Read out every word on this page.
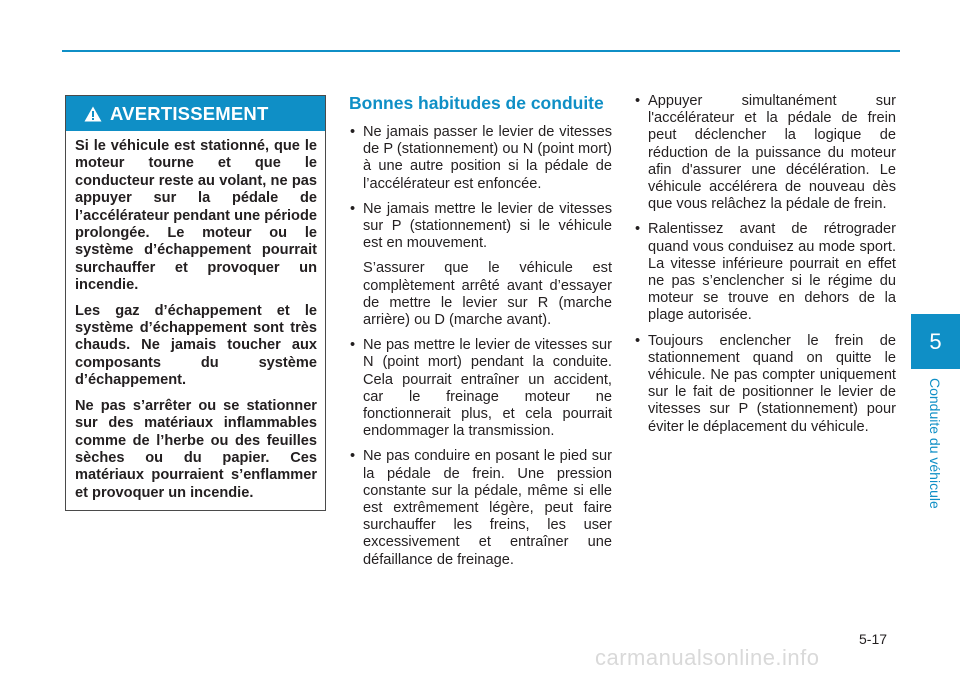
AVERTISSEMENT

Si le véhicule est stationné, que le moteur tourne et que le conducteur reste au volant, ne pas appuyer sur la pédale de l’accélérateur pendant une période prolongée. Le moteur ou le système d’échappement pourrait surchauffer et provoquer un incendie.

Les gaz d’échappement et le système d’échappement sont très chauds. Ne jamais toucher aux composants du système d’échappement.

Ne pas s’arrêter ou se stationner sur des matériaux inflammables comme de l’herbe ou des feuilles sèches ou du papier. Ces matériaux pourraient s’enflammer et provoquer un incendie.

Bonnes habitudes de conduite

• Ne jamais passer le levier de vitesses de P (stationnement) ou N (point mort) à une autre position si la pédale de l’accélérateur est enfoncée.

• Ne jamais mettre le levier de vitesses sur P (stationnement) si le véhicule est en mouvement.

S’assurer que le véhicule est complètement arrêté avant d’essayer de mettre le levier sur R (marche arrière) ou D (marche avant).

• Ne pas mettre le levier de vitesses sur N (point mort) pendant la conduite. Cela pourrait entraîner un accident, car le freinage moteur ne fonctionnerait plus, et cela pourrait endommager la transmission.

• Ne pas conduire en posant le pied sur la pédale de frein. Une pression constante sur la pédale, même si elle est extrêmement légère, peut faire surchauffer les freins, les user excessivement et entraîner une défaillance de freinage.

• Appuyer simultanément sur l'accélérateur et la pédale de frein peut déclencher la logique de réduction de la puissance du moteur afin d'assurer une décélération. Le véhicule accélérera de nouveau dès que vous relâchez la pédale de frein.

• Ralentissez avant de rétrograder quand vous conduisez au mode sport. La vitesse inférieure pourrait en effet ne pas s’enclencher si le régime du moteur se trouve en dehors de la plage autorisée.

• Toujours enclencher le frein de stationnement quand on quitte le véhicule. Ne pas compter uniquement sur le fait de positionner le levier de vitesses sur P (stationnement) pour éviter le déplacement du véhicule.

5
Conduite du véhicule
5-17
carmanualsonline.info
